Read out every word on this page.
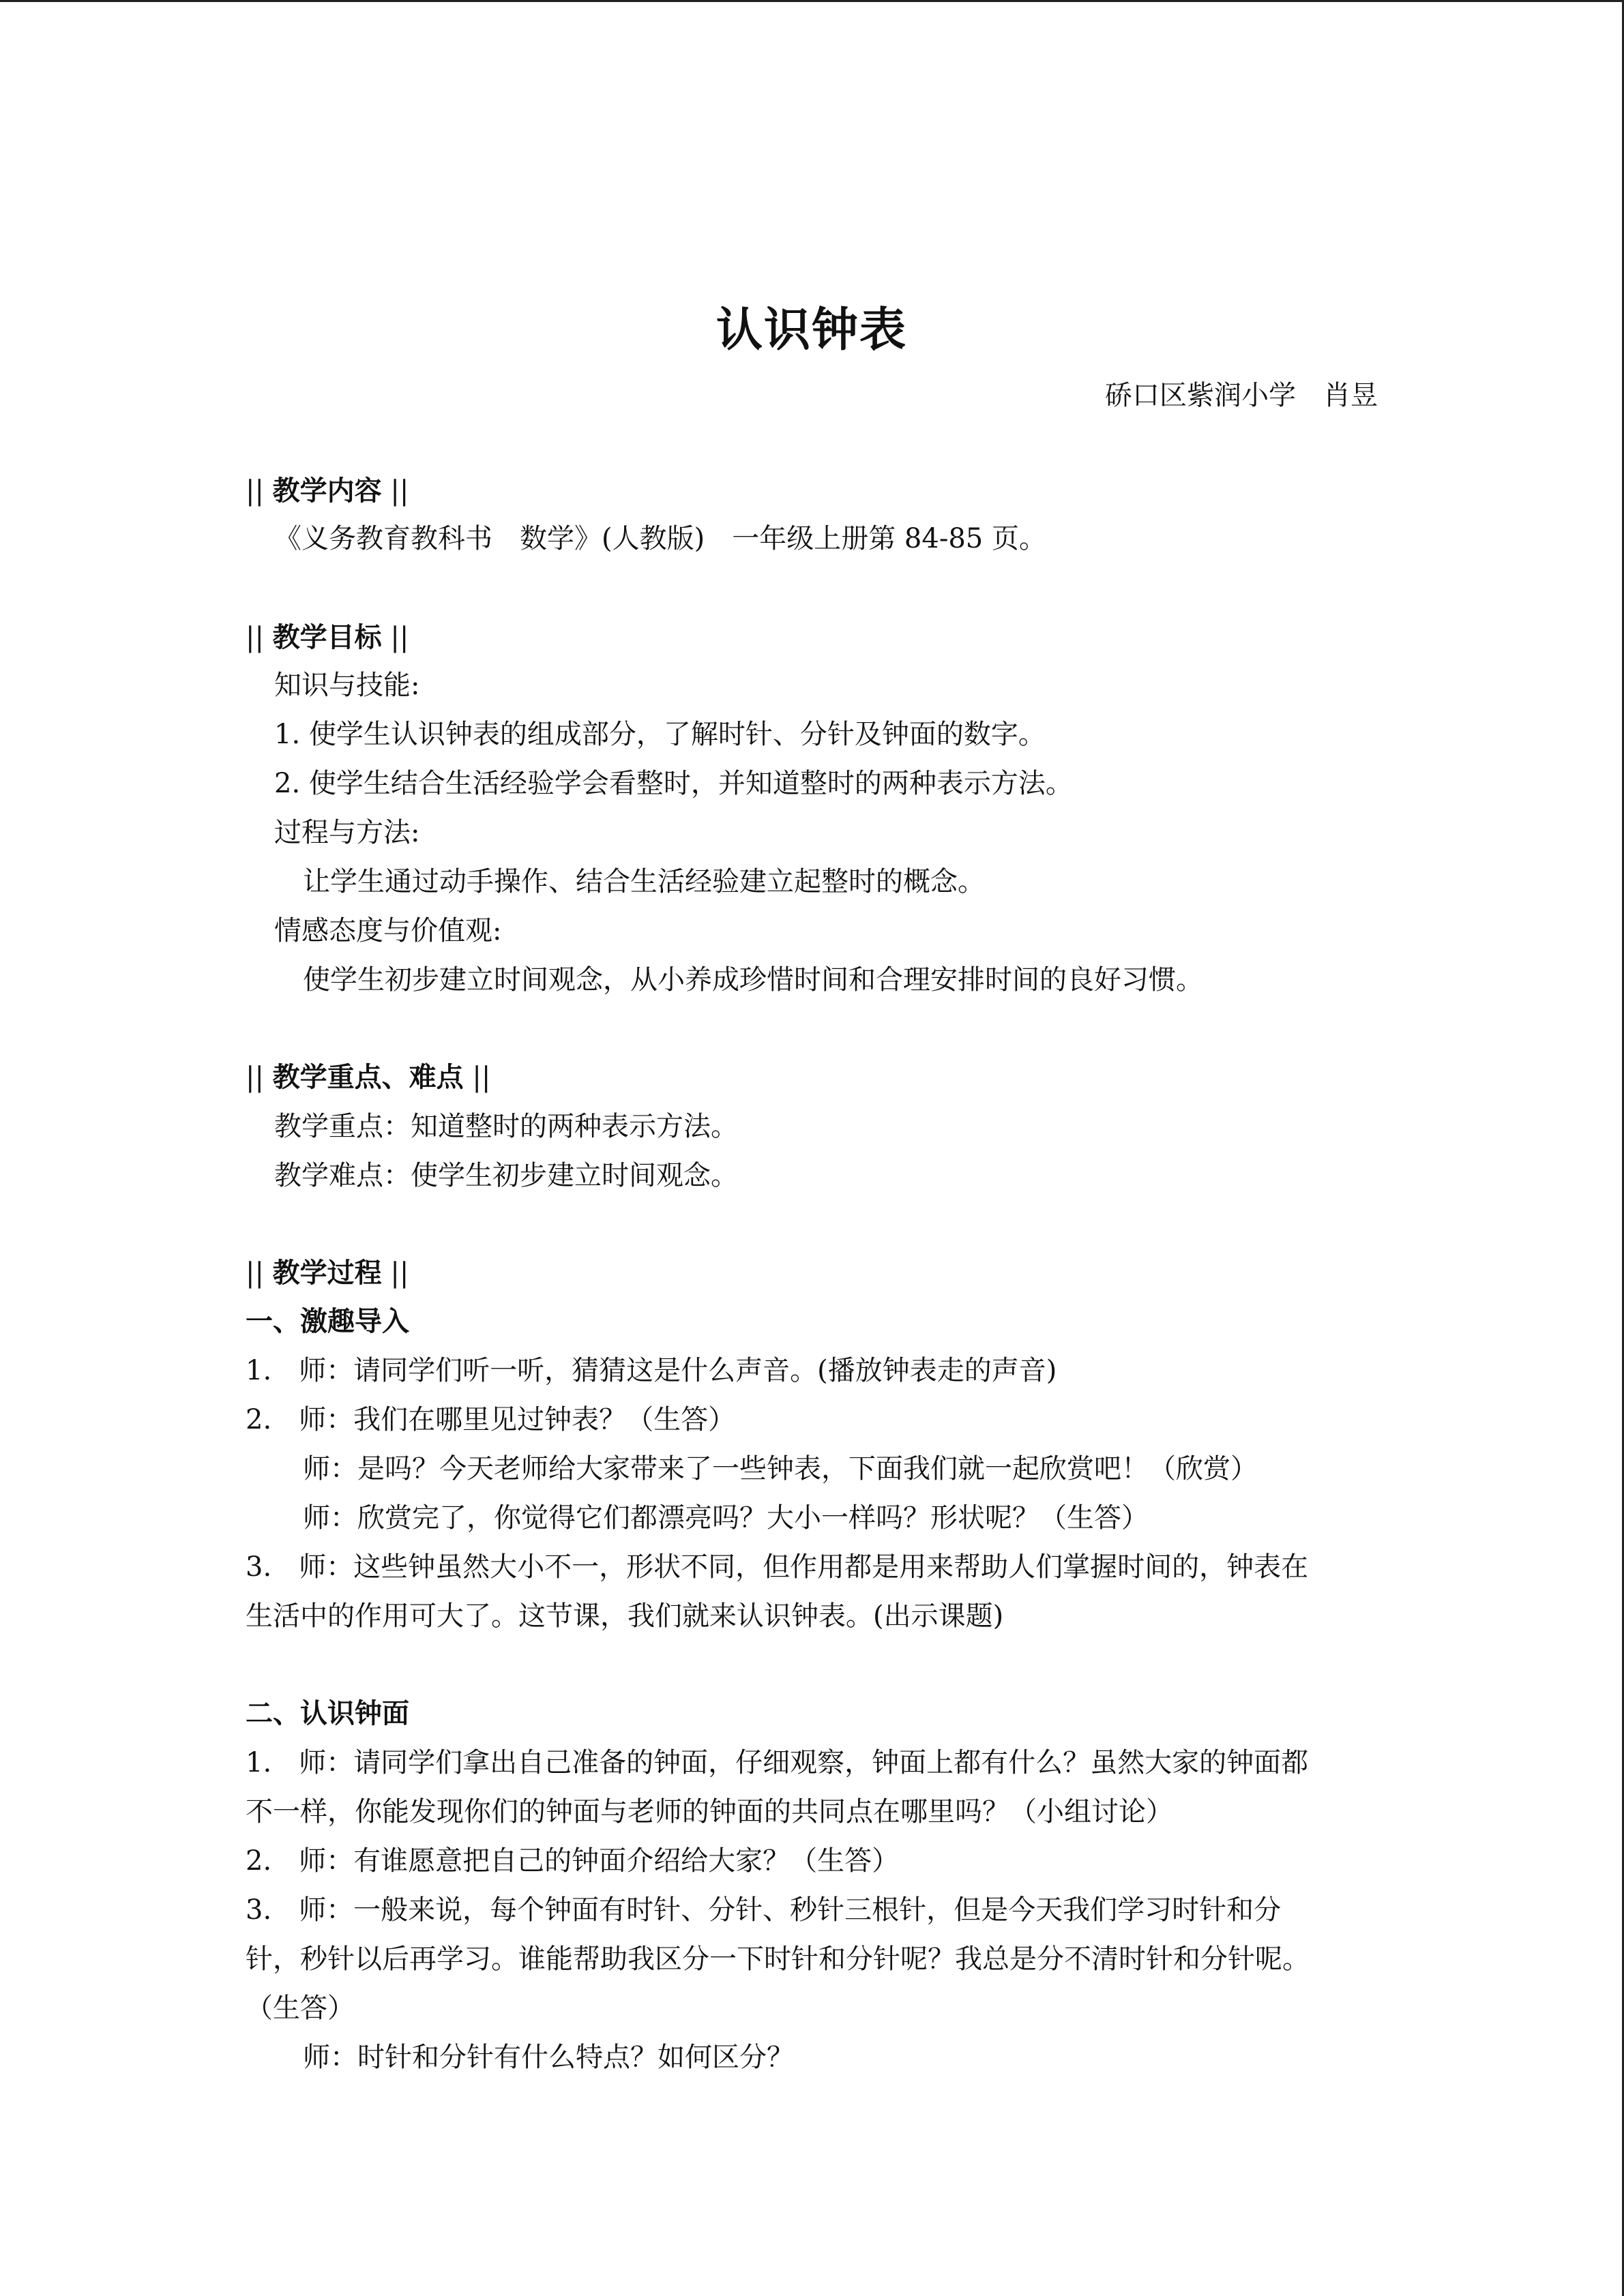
认识钟表
硚口区紫润小学　肖昱
|| 教学内容 ||
《义务教育教科书　数学》(人教版)　一年级上册第 84-85 页。
|| 教学目标 ||
知识与技能:
1. 使学生认识钟表的组成部分，了解时针、分针及钟面的数字。
2. 使学生结合生活经验学会看整时，并知道整时的两种表示方法。
过程与方法:
让学生通过动手操作、结合生活经验建立起整时的概念。
情感态度与价值观:
使学生初步建立时间观念，从小养成珍惜时间和合理安排时间的良好习惯。
|| 教学重点、难点 ||
教学重点：知道整时的两种表示方法。
教学难点：使学生初步建立时间观念。
|| 教学过程 ||
一、激趣导入
1.　师：请同学们听一听，猜猜这是什么声音。(播放钟表走的声音)
2.　师：我们在哪里见过钟表？（生答）
师：是吗？今天老师给大家带来了一些钟表，下面我们就一起欣赏吧！（欣赏）
师：欣赏完了，你觉得它们都漂亮吗？大小一样吗？形状呢？（生答）
3.　师：这些钟虽然大小不一，形状不同，但作用都是用来帮助人们掌握时间的，钟表在
生活中的作用可大了。这节课，我们就来认识钟表。(出示课题)
二、认识钟面
1.　师：请同学们拿出自己准备的钟面，仔细观察，钟面上都有什么？虽然大家的钟面都
不一样，你能发现你们的钟面与老师的钟面的共同点在哪里吗？（小组讨论）
2.　师：有谁愿意把自己的钟面介绍给大家？（生答）
3.　师：一般来说，每个钟面有时针、分针、秒针三根针，但是今天我们学习时针和分
针，秒针以后再学习。谁能帮助我区分一下时针和分针呢？我总是分不清时针和分针呢。
（生答）
师：时针和分针有什么特点？如何区分？
